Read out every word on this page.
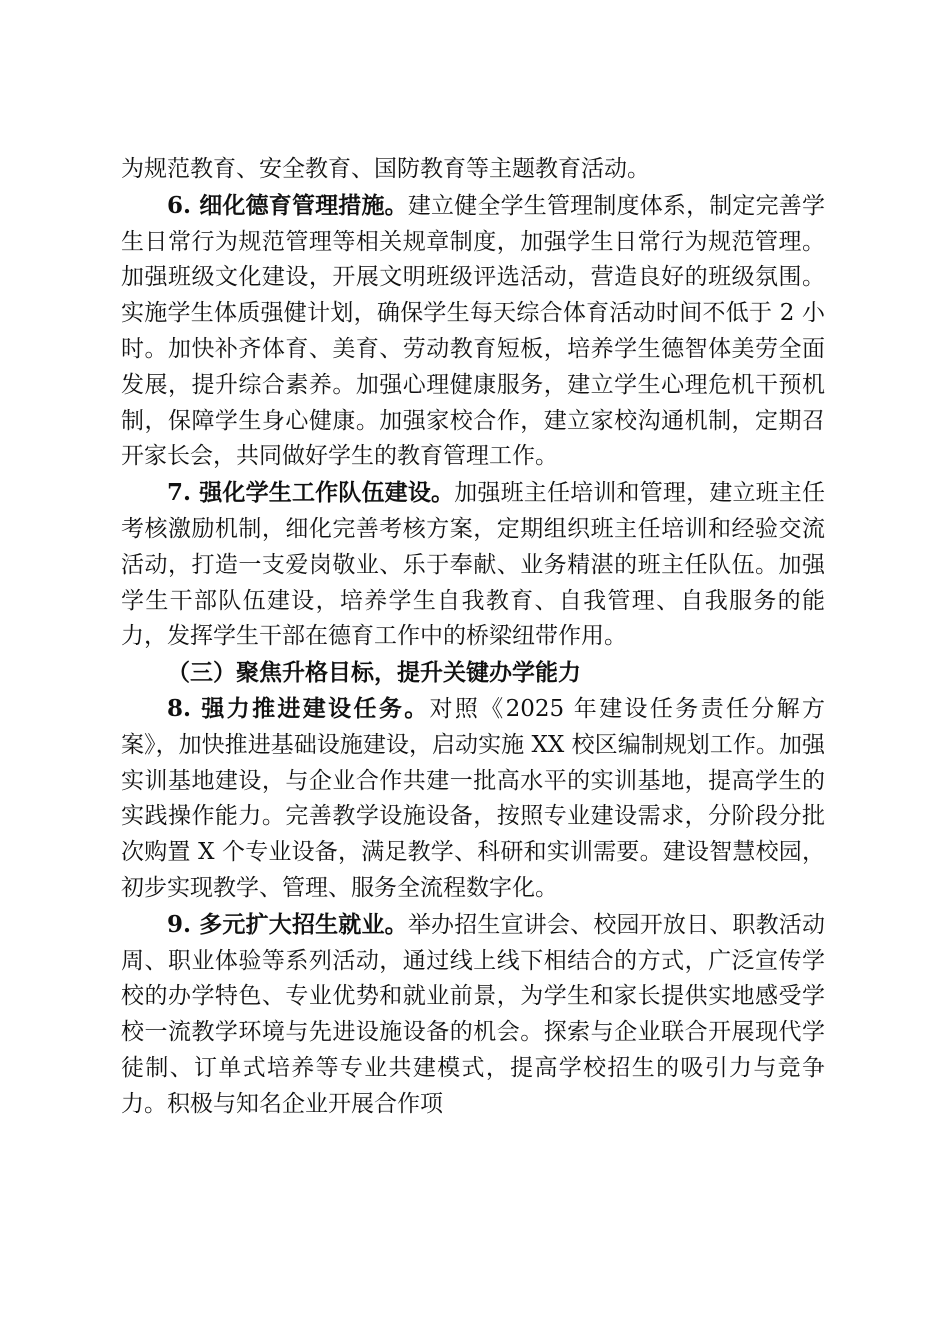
为规范教育、安全教育、国防教育等主题教育活动。

6. 细化德育管理措施。建立健全学生管理制度体系，制定完善学生日常行为规范管理等相关规章制度，加强学生日常行为规范管理。加强班级文化建设，开展文明班级评选活动，营造良好的班级氛围。实施学生体质强健计划，确保学生每天综合体育活动时间不低于 2 小时。加快补齐体育、美育、劳动教育短板，培养学生德智体美劳全面发展，提升综合素养。加强心理健康服务，建立学生心理危机干预机制，保障学生身心健康。加强家校合作，建立家校沟通机制，定期召开家长会，共同做好学生的教育管理工作。

7. 强化学生工作队伍建设。加强班主任培训和管理，建立班主任考核激励机制，细化完善考核方案，定期组织班主任培训和经验交流活动，打造一支爱岗敬业、乐于奉献、业务精湛的班主任队伍。加强学生干部队伍建设，培养学生自我教育、自我管理、自我服务的能力，发挥学生干部在德育工作中的桥梁纽带作用。

（三）聚焦升格目标，提升关键办学能力

8. 强力推进建设任务。对照《2025 年建设任务责任分解方案》，加快推进基础设施建设，启动实施 XX 校区编制规划工作。加强实训基地建设，与企业合作共建一批高水平的实训基地，提高学生的实践操作能力。完善教学设施设备，按照专业建设需求，分阶段分批次购置 X 个专业设备，满足教学、科研和实训需要。建设智慧校园，初步实现教学、管理、服务全流程数字化。

9. 多元扩大招生就业。举办招生宣讲会、校园开放日、职教活动周、职业体验等系列活动，通过线上线下相结合的方式，广泛宣传学校的办学特色、专业优势和就业前景，为学生和家长提供实地感受学校一流教学环境与先进设施设备的机会。探索与企业联合开展现代学徒制、订单式培养等专业共建模式，提高学校招生的吸引力与竞争力。积极与知名企业开展合作项
